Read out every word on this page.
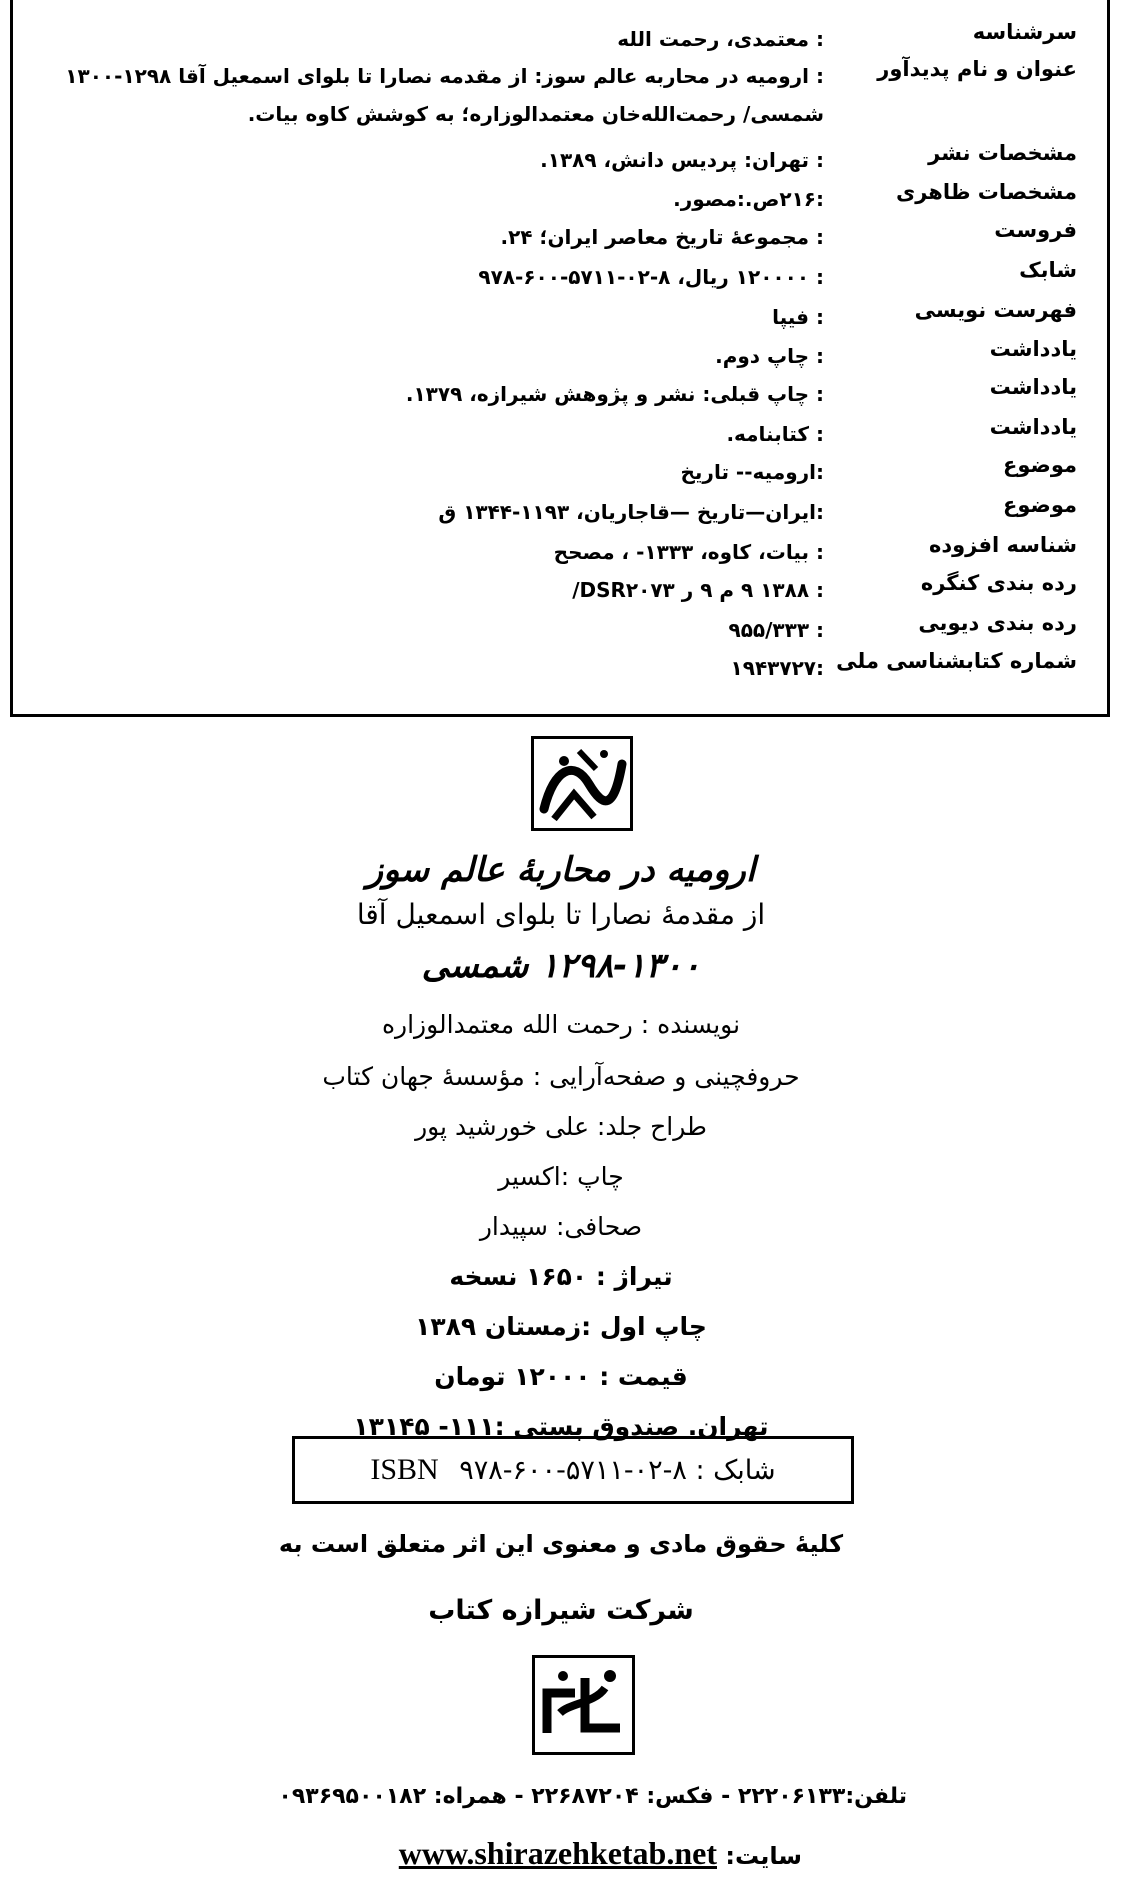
سرشناسه
: معتمدی، رحمت الله
عنوان و نام پدیدآور
: ارومیه در محاربه عالم سوز: از مقدمه نصارا تا بلوای اسمعیل آقا ۱۲۹۸-۱۳۰۰ شمسی/ رحمت‌الله‌خان معتمدالوزاره؛ به کوشش کاوه بیات.
مشخصات نشر
: تهران: پردیس دانش، ۱۳۸۹.
مشخصات ظاهری
:۲۱۶ص.:مصور.
فروست
: مجموعهٔ تاریخ معاصر ایران؛ ۲۴.
شابک
: ۱۲۰۰۰۰ ریال، ۸-۰۲-۵۷۱۱-۶۰۰-۹۷۸
فهرست نویسی
: فیپا
یادداشت
: چاپ دوم.
یادداشت
: چاپ قبلی: نشر و پژوهش شیرازه، ۱۳۷۹.
یادداشت
: کتابنامه.
موضوع
:ارومیه-- تاریخ
موضوع
:ایران—تاریخ —قاجاریان، ۱۱۹۳-۱۳۴۴ ق
شناسه افزوده
: بیات، کاوه، ۱۳۳۳- ، مصحح
رده بندی کنگره
: ۱۳۸۸ ۹ م ۹ ر DSR۲۰۷۳/
رده بندی دیویی
: ۹۵۵/۳۳۳
شماره کتابشناسی ملی
:۱۹۴۳۷۲۷
ارومیه در محاربهٔ عالم سوز
از مقدمهٔ نصارا تا بلوای اسمعیل آقا
۱۲۹۸-۱۳۰۰ شمسی
نویسنده : رحمت الله معتمدالوزاره
حروفچینی و صفحه‌آرایی : مؤسسهٔ جهان کتاب
طراح جلد: علی خورشید پور
چاپ :اکسیر
صحافی: سپیدار
تیراژ : ۱۶۵۰ نسخه
چاپ اول :زمستان ۱۳۸۹
قیمت : ۱۲۰۰۰ تومان
تهران. صندوق پستی :۱۱۱- ۱۳۱۴۵
شابک : ۸-۰۲-۵۷۱۱-۶۰۰-۹۷۸ ISBN
کلیهٔ حقوق مادی و معنوی این اثر متعلق است به
شرکت شیرازه کتاب
تلفن:۲۲۲۰۶۱۳۳ - فکس: ۲۲۶۸۷۲۰۴ - همراه: ۰۹۳۶۹۵۰۰۱۸۲
سایت: www.shirazehketab.net
